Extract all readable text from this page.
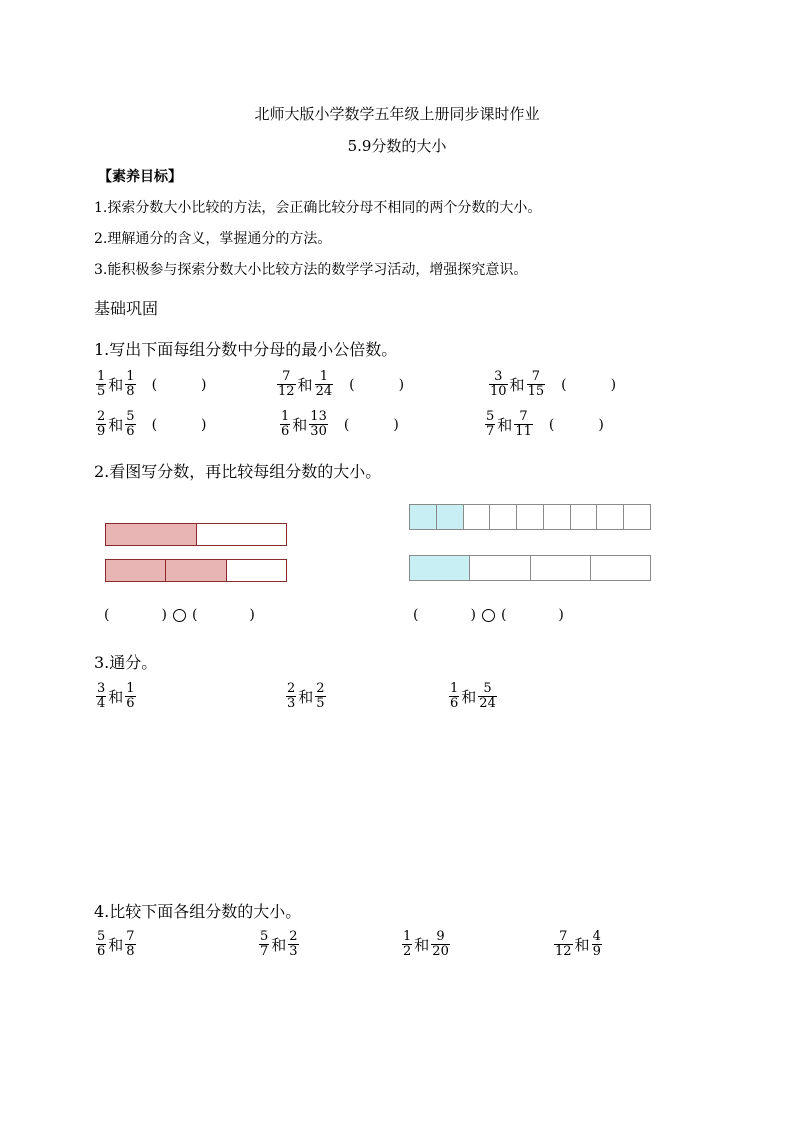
北师大版小学数学五年级上册同步课时作业
5.9分数的大小
【素养目标】
1.探索分数大小比较的方法，会正确比较分母不相同的两个分数的大小。
2.理解通分的含义，掌握通分的方法。
3.能积极参与探索分数大小比较方法的数学学习活动，增强探究意识。
基础巩固
1.写出下面每组分数中分母的最小公倍数。
$\frac{1}{5}$ 和 $\frac{1}{8}$ (	)	$\frac{7}{12}$ 和 $\frac{1}{24}$ (	)	$\frac{3}{10}$ 和 $\frac{7}{15}$ (	)
$\frac{2}{9}$ 和 $\frac{5}{6}$ (	)	$\frac{1}{6}$ 和 $\frac{13}{30}$ (	)	$\frac{5}{7}$ 和 $\frac{7}{11}$ (	)
2.看图写分数，再比较每组分数的大小。
(	) (	)	(	) (	)
3.通分。
$\frac{3}{4}$ 和 $\frac{1}{6}$	$\frac{2}{3}$ 和 $\frac{2}{5}$	$\frac{1}{6}$ 和 $\frac{5}{24}$
4.比较下面各组分数的大小。
$\frac{5}{6}$ 和 $\frac{7}{8}$	$\frac{5}{7}$ 和 $\frac{2}{3}$	$\frac{1}{2}$ 和 $\frac{9}{20}$	$\frac{7}{12}$ 和 $\frac{4}{9}$
